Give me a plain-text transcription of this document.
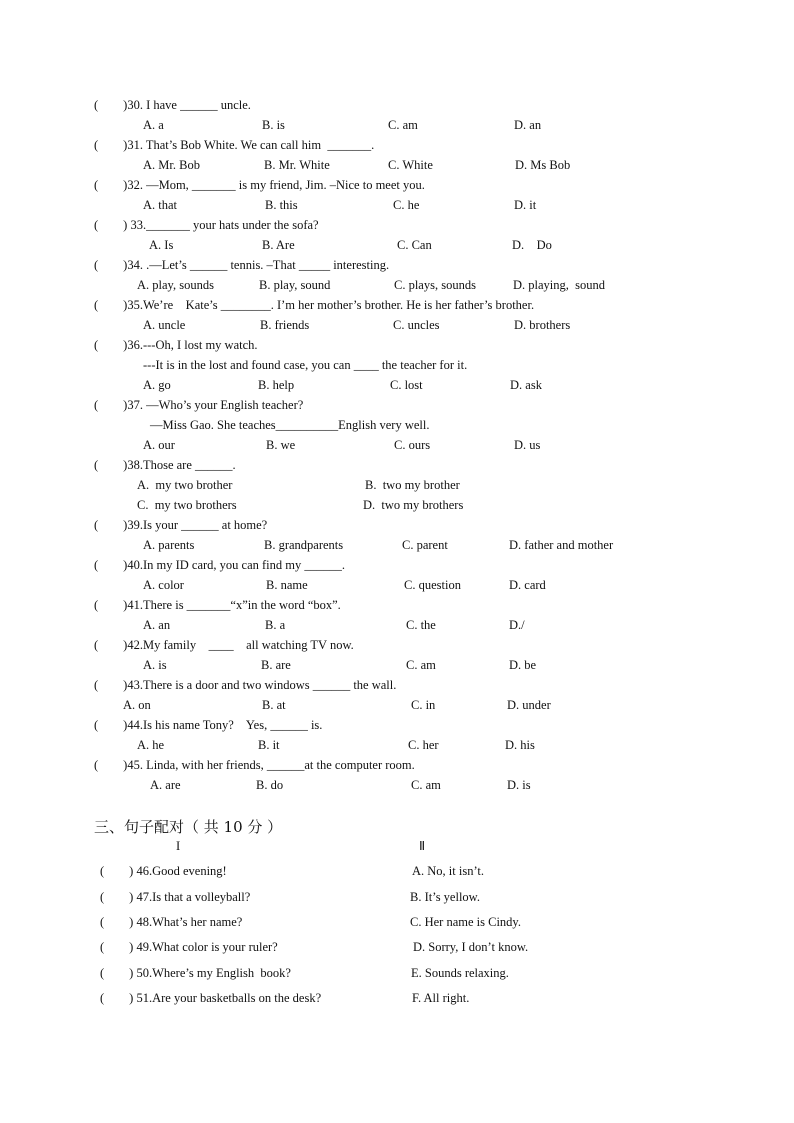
(        )30. I have ______ uncle.
A. a	B. is	C. am	D. an
(        )31. That’s Bob White. We can call him  _______.
A. Mr. Bob	B. Mr. White	C. White	D. Ms Bob
(        )32. —Mom, _______ is my friend, Jim. –Nice to meet you.
A. that	B. this	C. he	D. it
(        ) 33._______ your hats under the sofa?
A. Is	B. Are	C. Can	D.    Do
(        )34. .—Let’s ______ tennis. –That _____ interesting.
A. play, sounds	B. play, sound	C. plays, sounds	D. playing,  sound
(        )35.We’re    Kate’s ________. I’m her mother’s brother. He is her father’s brother.
A. uncle	B. friends	C. uncles	D. brothers
(        )36.---Oh, I lost my watch.
---It is in the lost and found case, you can ____ the teacher for it.
A. go	B. help	C. lost	D. ask
(        )37. —Who’s your English teacher?
—Miss Gao. She teaches__________English very well.
A. our	B. we	C. ours	D. us
(        )38.Those are ______.
A.  my two brother	B.  two my brother
C.  my two brothers	D.  two my brothers
(        )39.Is your ______ at home?
A. parents	B. grandparents	C. parent	D. father and mother
(        )40.In my ID card, you can find my ______.
A. color	B. name	C. question	D. card
(        )41.There is _______“x”in the word “box”.
A. an	B. a	C. the	D./
(        )42.My family    ____    all watching TV now.
A. is	B. are	C. am	D. be
(        )43.There is a door and two windows ______ the wall.
A. on	B. at	C. in	D. under
(        )44.Is his name Tony?    Yes, ______ is.
A. he	B. it	C. her	D. his
(        )45. Linda, with her friends, ______at the computer room.
A. are	B. do	C. am	D. is
三、句子配对（ 共 10 分 ）
I	Ⅱ
(        ) 46.Good evening!	A. No, it isn’t.
(        ) 47.Is that a volleyball?	B. It’s yellow.
(        ) 48.What’s her name?	C. Her name is Cindy.
(        ) 49.What color is your ruler?	D. Sorry, I don’t know.
(        ) 50.Where’s my English  book?	E. Sounds relaxing.
(        ) 51.Are your basketballs on the desk?	F. All right.
